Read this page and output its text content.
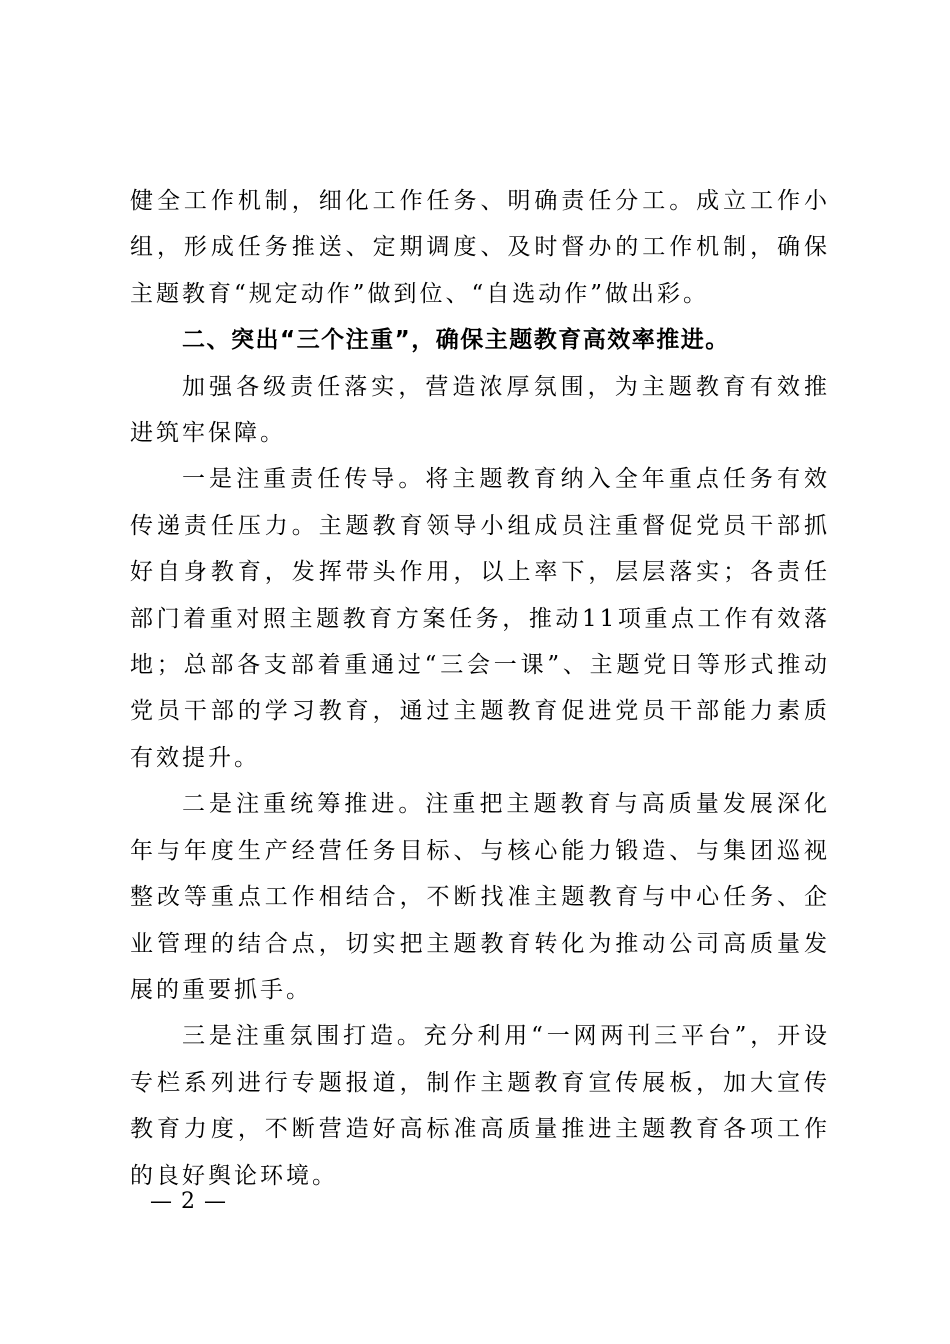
健全工作机制，细化工作任务、明确责任分工。成立工作小组，形成任务推送、定期调度、及时督办的工作机制，确保主题教育“规定动作”做到位、“自选动作”做出彩。

二、突出“三个注重”，确保主题教育高效率推进。

加强各级责任落实，营造浓厚氛围，为主题教育有效推进筑牢保障。

一是注重责任传导。将主题教育纳入全年重点任务有效传递责任压力。主题教育领导小组成员注重督促党员干部抓好自身教育，发挥带头作用，以上率下，层层落实；各责任部门着重对照主题教育方案任务，推动11项重点工作有效落地；总部各支部着重通过“三会一课”、主题党日等形式推动党员干部的学习教育，通过主题教育促进党员干部能力素质有效提升。

二是注重统筹推进。注重把主题教育与高质量发展深化年与年度生产经营任务目标、与核心能力锻造、与集团巡视整改等重点工作相结合，不断找准主题教育与中心任务、企业管理的结合点，切实把主题教育转化为推动公司高质量发展的重要抓手。

三是注重氛围打造。充分利用“一网两刊三平台”，开设专栏系列进行专题报道，制作主题教育宣传展板，加大宣传教育力度，不断营造好高标准高质量推进主题教育各项工作的良好舆论环境。

— 2 —
